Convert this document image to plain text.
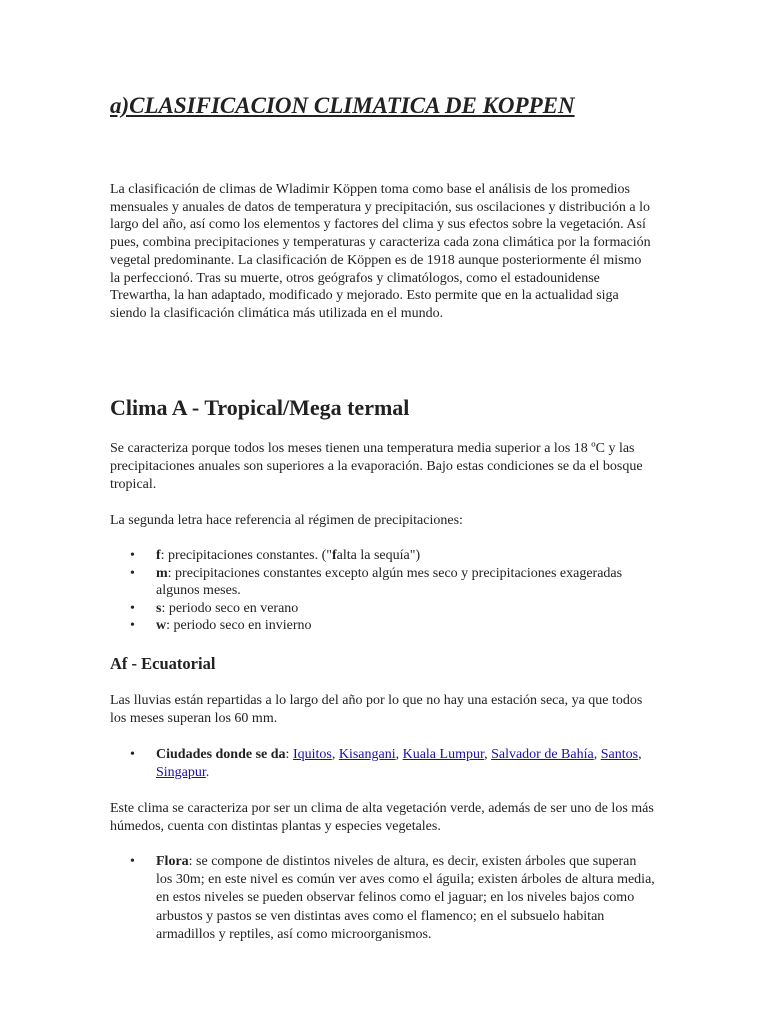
a)CLASIFICACION CLIMATICA DE KOPPEN

La clasificación de climas de Wladimir Köppen toma como base el análisis de los promedios mensuales y anuales de datos de temperatura y precipitación, sus oscilaciones y distribución a lo largo del año, así como los elementos y factores del clima y sus efectos sobre la vegetación. Así pues, combina precipitaciones y temperaturas y caracteriza cada zona climática por la formación vegetal predominante. La clasificación de Köppen es de 1918 aunque posteriormente él mismo la perfeccionó. Tras su muerte, otros geógrafos y climatólogos, como el estadounidense Trewartha, la han adaptado, modificado y mejorado. Esto permite que en la actualidad siga siendo la clasificación climática más utilizada en el mundo.

Clima A - Tropical/Mega termal

Se caracteriza porque todos los meses tienen una temperatura media superior a los 18 ºC y las precipitaciones anuales son superiores a la evaporación. Bajo estas condiciones se da el bosque tropical.

La segunda letra hace referencia al régimen de precipitaciones:

• f: precipitaciones constantes. ("falta la sequía")
• m: precipitaciones constantes excepto algún mes seco y precipitaciones exageradas algunos meses.
• s: periodo seco en verano
• w: periodo seco en invierno
Af - Ecuatorial

Las lluvias están repartidas a lo largo del año por lo que no hay una estación seca, ya que todos los meses superan los 60 mm.

• Ciudades donde se da: Iquitos, Kisangani, Kuala Lumpur, Salvador de Bahía, Santos, Singapur.

Este clima se caracteriza por ser un clima de alta vegetación verde, además de ser uno de los más húmedos, cuenta con distintas plantas y especies vegetales.

• Flora: se compone de distintos niveles de altura, es decir, existen árboles que superan los 30m; en este nivel es común ver aves como el águila; existen árboles de altura media, en estos niveles se pueden observar felinos como el jaguar; en los niveles bajos como arbustos y pastos se ven distintas aves como el flamenco; en el subsuelo habitan armadillos y reptiles, así como microorganismos.
